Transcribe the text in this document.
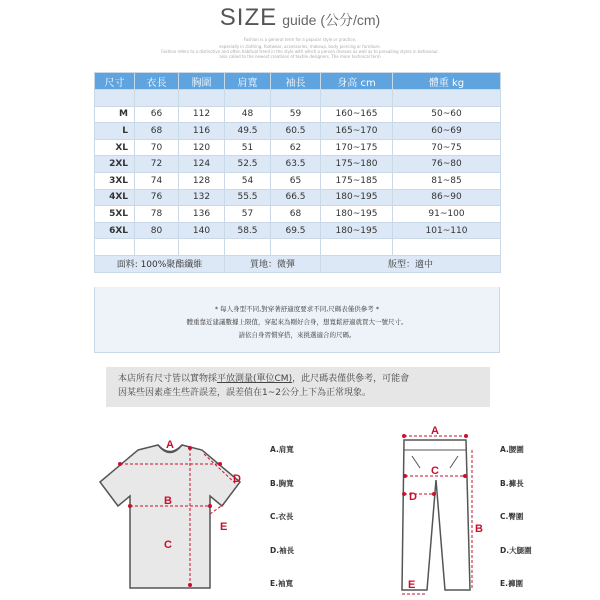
SIZE guide (公分/cm)
Fashion is a general term for a popular style or practice,
especially in clothing, footwear, accessories, makeup, body piercing or furniture.
Fashion refers to a distinctive and often habitual trend in the style with which a person dresses as well as to prevailing styles in behaviour.
also called to the newest creations of textile designers. The more technical term
尺寸	衣長	胸圍	肩寬	袖長	身高 cm	體重 kg

M	66	112	48	59	160~165	50~60
L	68	116	49.5	60.5	165~170	60~69
XL	70	120	51	62	170~175	70~75
2XL	72	124	52.5	63.5	175~180	76~80
3XL	74	128	54	65	175~185	81~85
4XL	76	132	55.5	66.5	180~195	86~90
5XL	78	136	57	68	180~195	91~100
6XL	80	140	58.5	69.5	180~195	101~110

面料: 100%聚酯纖維			質地：微彈		版型：適中	
* 每人身型不同,對穿著舒適度要求不同,尺碼表僅供參考 *
體重靠近建議數據上限值，穿起來為剛好合身，想寬鬆舒適就買大一號尺寸。
請依自身習慣穿搭，來挑選適合的尺碼。
本店所有尺寸皆以實物採平放測量(單位CM)，此尺碼表僅供參考，可能會
因某些因素產生些許誤差，誤差值在1~2公分上下為正常現象。
A
B
C
D
E
A
B
C
D
E
A.肩寬
B.胸寬
C.衣長
D.袖長
E.袖寬
A.腰圍
B.褲長
C.臀圍
D.大腿圍
E.褲圍
